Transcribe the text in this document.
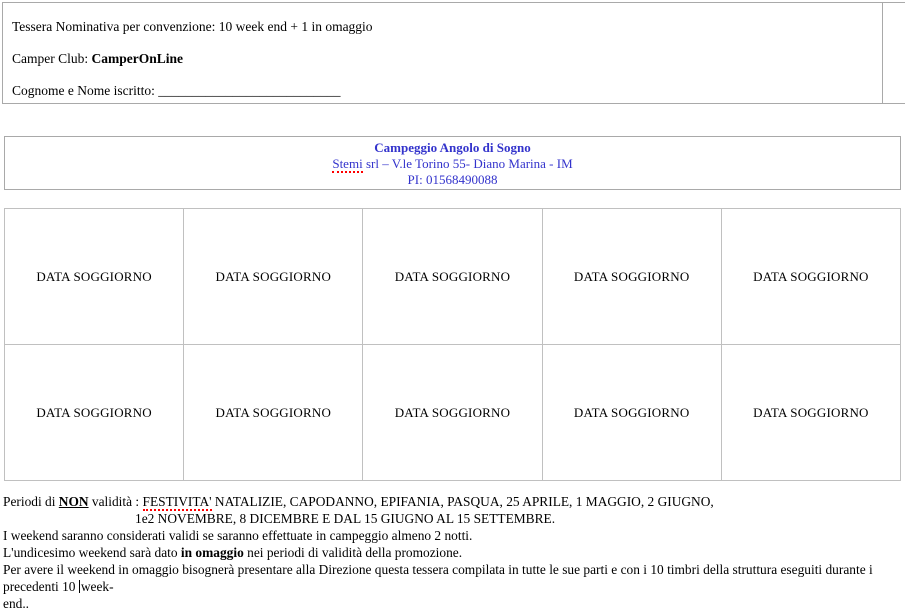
Tessera Nominativa per convenzione: 10 week end + 1 in omaggio

Camper Club: CamperOnLine

Cognome e Nome iscritto: ___________________________

Campeggio Angolo di Sogno
Stemi srl – V.le Torino 55- Diano Marina - IM
PI: 01568490088
DATA SOGGIORNO	DATA SOGGIORNO	DATA SOGGIORNO	DATA SOGGIORNO	DATA SOGGIORNO
DATA SOGGIORNO	DATA SOGGIORNO	DATA SOGGIORNO	DATA SOGGIORNO	DATA SOGGIORNO

Periodi di NON validità : FESTIVITA' NATALIZIE, CAPODANNO, EPIFANIA, PASQUA, 25 APRILE, 1 MAGGIO, 2 GIUGNO,

1e2 NOVEMBRE, 8 DICEMBRE E DAL 15 GIUGNO AL 15 SETTEMBRE.

I weekend saranno considerati validi se saranno effettuate in campeggio almeno 2 notti.

L'undicesimo weekend sarà dato in omaggio nei periodi di validità della promozione.

Per avere il weekend in omaggio bisognerà presentare alla Direzione questa tessera compilata in tutte le sue parti e con i 10 timbri della struttura eseguiti durante i precedenti 10 week-

end..
